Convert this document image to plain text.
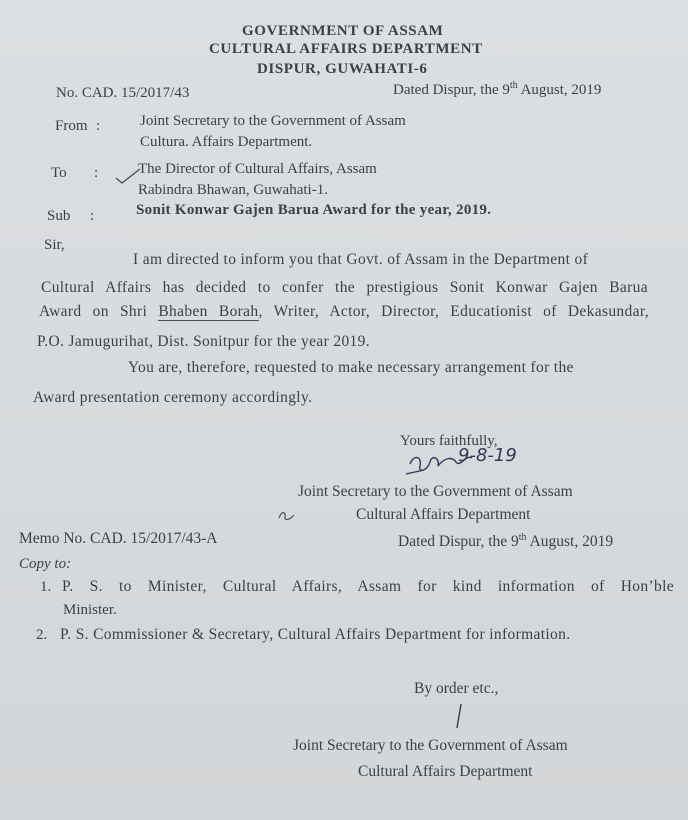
GOVERNMENT OF ASSAM
CULTURAL AFFAIRS DEPARTMENT
DISPUR, GUWAHATI-6
No. CAD. 15/2017/43	Dated Dispur, the 9th August, 2019
From :	Joint Secretary to the Government of Assam
Cultura. Affairs Department.
To :	The Director of Cultural Affairs, Assam
Rabindra Bhawan, Guwahati-1.
Sub :	Sonit Konwar Gajen Barua Award for the year, 2019.
Sir,
I am directed to inform you that Govt. of Assam in the Department of
Cultural Affairs has decided to confer the prestigious Sonit Konwar Gajen Barua
Award on Shri Bhaben Borah, Writer, Actor, Director, Educationist of Dekasundar,
P.O. Jamugurihat, Dist. Sonitpur for the year 2019.
You are, therefore, requested to make necessary arrangement for the
Award presentation ceremony accordingly.
Yours faithfully,
9-8-19
Joint Secretary to the Government of Assam
Cultural Affairs Department
Memo No. CAD. 15/2017/43-A	Dated Dispur, the 9th August, 2019
Copy to:
1. P. S. to Minister, Cultural Affairs, Assam for kind information of Hon’ble
Minister.
2. P. S. Commissioner & Secretary, Cultural Affairs Department for information.
By order etc.,
Joint Secretary to the Government of Assam
Cultural Affairs Department
